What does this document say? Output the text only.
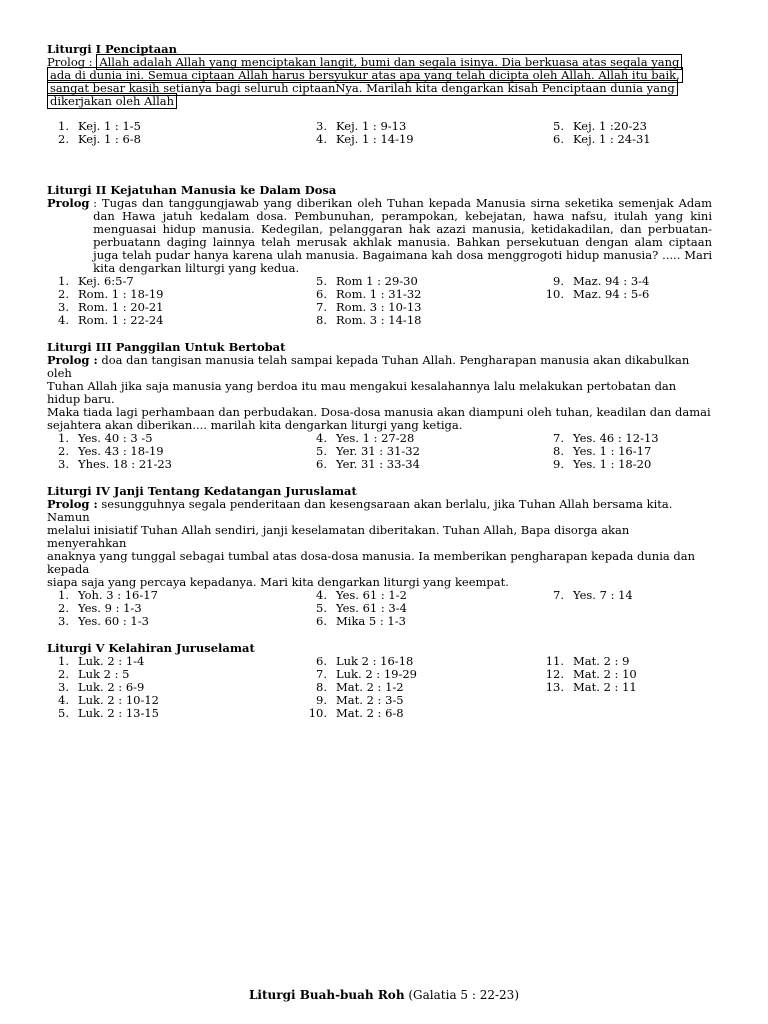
Liturgi I Penciptaan
Prolog : Allah adalah Allah yang menciptakan langit, bumi dan segala isinya. Dia berkuasa atas segala yang
ada di dunia ini. Semua ciptaan Allah harus bersyukur atas apa yang telah dicipta oleh Allah. Allah itu baik,
sangat besar kasih setianya bagi seluruh ciptaanNya. Marilah kita dengarkan kisah Penciptaan dunia yang
dikerjakan oleh Allah
1. Kej. 1 : 1-5
2. Kej. 1 : 6-8
3. Kej. 1 : 9-13
4. Kej. 1 : 14-19
5. Kej. 1 :20-23
6. Kej. 1 : 24-31
Liturgi II Kejatuhan Manusia ke Dalam Dosa
Prolog
: Tugas dan tanggungjawab yang diberikan oleh Tuhan kepada Manusia sirna seketika semenjak Adam dan Hawa jatuh kedalam dosa. Pembunuhan, perampokan, kebejatan, hawa nafsu, itulah yang kini menguasai hidup manusia. Kedegilan, pelanggaran hak azazi manusia, ketidakadilan, dan perbuatan-perbuatann daging lainnya telah merusak akhlak manusia. Bahkan persekutuan dengan alam ciptaan juga telah pudar hanya karena ulah manusia. Bagaimana kah dosa menggrogoti hidup manusia? ..... Mari kita dengarkan lilturgi yang kedua.
1. Kej. 6:5-7
2. Rom. 1 : 18-19
3. Rom. 1 : 20-21
4. Rom. 1 : 22-24
5. Rom 1 : 29-30
6. Rom. 1 : 31-32
7. Rom. 3 : 10-13
8. Rom. 3 : 14-18
9. Maz. 94 : 3-4
10. Maz. 94 : 5-6
Liturgi III Panggilan Untuk Bertobat
Prolog : doa dan tangisan manusia telah sampai kepada Tuhan Allah. Pengharapan manusia akan dikabulkan oleh
Tuhan Allah jika saja manusia yang berdoa itu mau mengakui kesalahannya lalu melakukan pertobatan dan hidup baru.
Maka tiada lagi perhambaan dan perbudakan. Dosa-dosa manusia akan diampuni oleh tuhan, keadilan dan damai
sejahtera akan diberikan.... marilah kita dengarkan liturgi yang ketiga.
1. Yes. 40 : 3 -5
2. Yes. 43 : 18-19
3. Yhes. 18 : 21-23
4. Yes. 1 : 27-28
5. Yer. 31 : 31-32
6. Yer. 31 : 33-34
7. Yes. 46 : 12-13
8. Yes. 1 : 16-17
9. Yes. 1 : 18-20
Liturgi IV Janji Tentang Kedatangan Juruslamat
Prolog : sesungguhnya segala penderitaan dan kesengsaraan akan berlalu, jika Tuhan Allah bersama kita. Namun
melalui inisiatif Tuhan Allah sendiri, janji keselamatan diberitakan. Tuhan Allah, Bapa disorga akan menyerahkan
anaknya yang tunggal sebagai tumbal atas dosa-dosa manusia. Ia memberikan pengharapan kepada dunia dan kepada
siapa saja yang percaya kepadanya. Mari kita dengarkan liturgi yang keempat.
1. Yoh. 3 : 16-17
2. Yes. 9 : 1-3
3. Yes. 60 : 1-3
4. Yes. 61 : 1-2
5. Yes. 61 : 3-4
6. Mika 5 : 1-3
7. Yes. 7 : 14
Liturgi V Kelahiran Juruselamat
1. Luk. 2 : 1-4
2. Luk 2 : 5
3. Luk. 2 : 6-9
4. Luk. 2 : 10-12
5. Luk. 2 : 13-15
6. Luk 2 : 16-18
7. Luk. 2 : 19-29
8. Mat. 2 : 1-2
9. Mat. 2 : 3-5
10. Mat. 2 : 6-8
11. Mat. 2 : 9
12. Mat. 2 : 10
13. Mat. 2 : 11
Liturgi Buah-buah Roh (Galatia 5 : 22-23)
